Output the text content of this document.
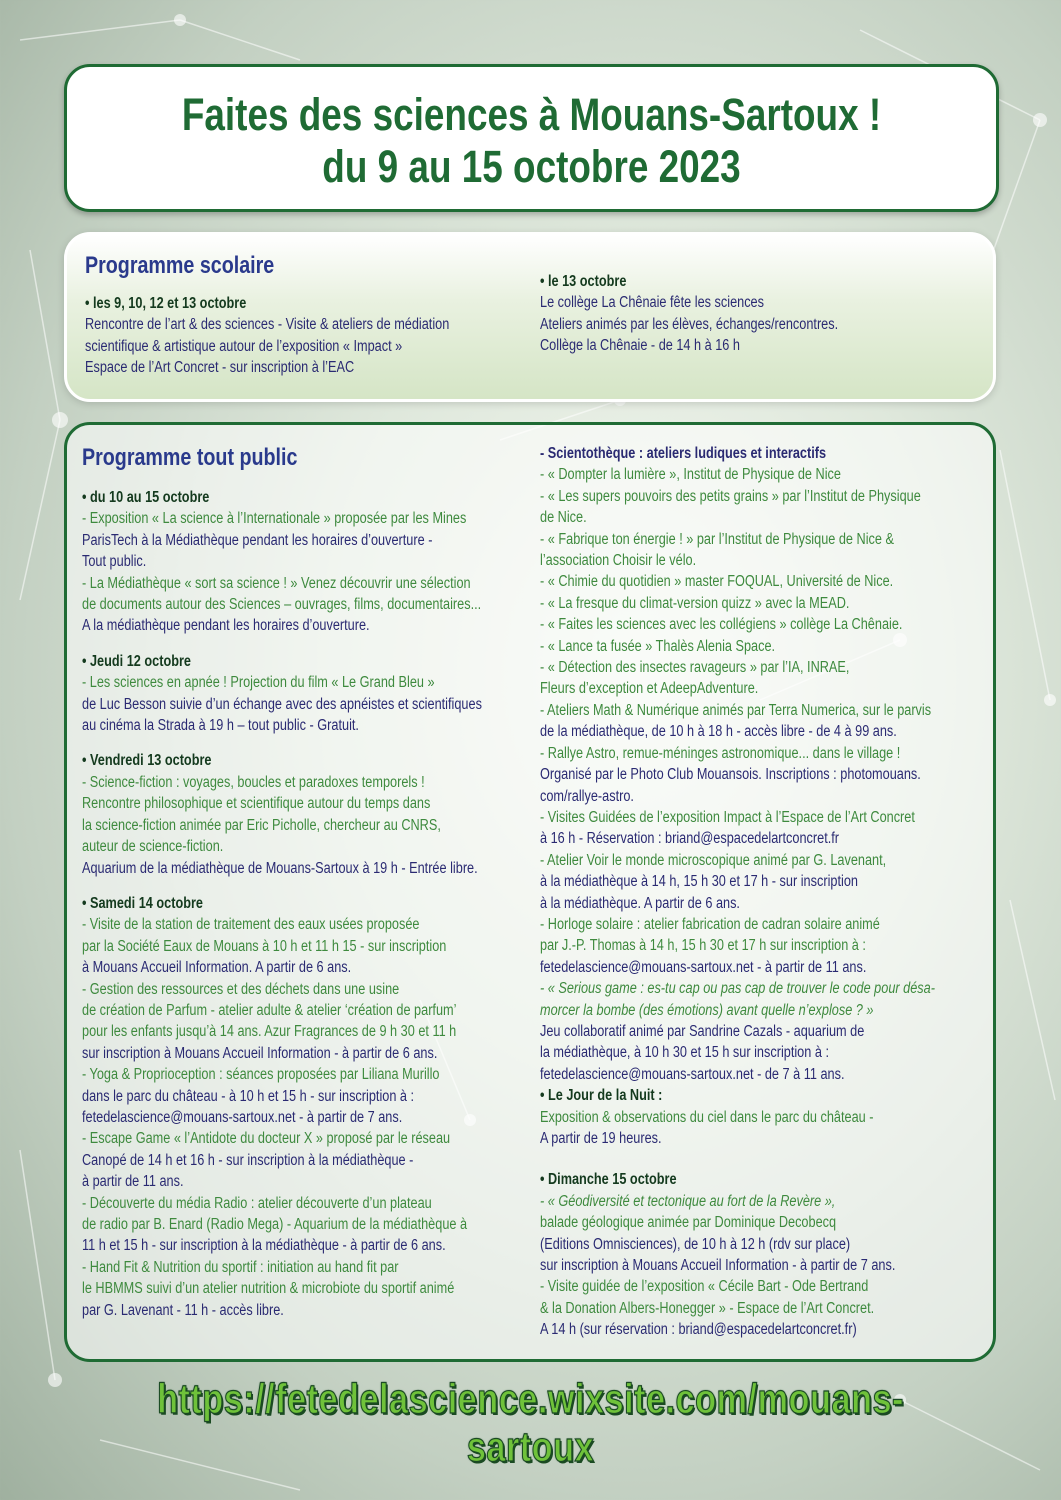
Faites des sciences à Mouans-Sartoux !
du 9 au 15 octobre 2023
Programme scolaire
• les 9, 10, 12 et 13 octobre
Rencontre de l’art & des sciences - Visite & ateliers de médiation
scientifique & artistique autour de l’exposition « Impact »
Espace de l’Art Concret - sur inscription à l’EAC
• le 13 octobre
Le collège La Chênaie fête les sciences
Ateliers animés par les élèves, échanges/rencontres.
Collège la Chênaie - de 14 h à 16 h
Programme tout public
• du 10 au 15 octobre
- Exposition « La science à l’Internationale » proposée par les Mines
ParisTech à la Médiathèque pendant les horaires d’ouverture -
Tout public.
- La Médiathèque « sort sa science ! » Venez découvrir une sélection
de documents autour des Sciences – ouvrages, films, documentaires...
A la médiathèque pendant les horaires d’ouverture.
• Jeudi 12 octobre
- Les sciences en apnée ! Projection du film « Le Grand Bleu »
de Luc Besson suivie d’un échange avec des apnéistes et scientifiques
au cinéma la Strada à 19 h – tout public - Gratuit.
• Vendredi 13 octobre
- Science-fiction : voyages, boucles et paradoxes temporels !
Rencontre philosophique et scientifique autour du temps dans
la science-fiction animée par Eric Picholle, chercheur au CNRS,
auteur de science-fiction.
Aquarium de la médiathèque de Mouans-Sartoux à 19 h - Entrée libre.
• Samedi 14 octobre
- Visite de la station de traitement des eaux usées proposée
par la Société Eaux de Mouans à 10 h et 11 h 15 - sur inscription
à Mouans Accueil Information. A partir de 6 ans.
- Gestion des ressources et des déchets dans une usine
de création de Parfum - atelier adulte & atelier ‘création de parfum’
pour les enfants jusqu’à 14 ans. Azur Fragrances de 9 h 30 et 11 h
sur inscription à Mouans Accueil Information - à partir de 6 ans.
- Yoga & Proprioception : séances proposées par Liliana Murillo
dans le parc du château - à 10 h et 15 h - sur inscription à :
fetedelascience@mouans-sartoux.net - à partir de 7 ans.
- Escape Game « l’Antidote du docteur X » proposé par le réseau
Canopé de 14 h et 16 h - sur inscription à la médiathèque -
à partir de 11 ans.
- Découverte du média Radio : atelier découverte d’un plateau
de radio par B. Enard (Radio Mega) - Aquarium de la médiathèque à
11 h et 15 h - sur inscription à la médiathèque - à partir de 6 ans.
- Hand Fit & Nutrition du sportif : initiation au hand fit par
le HBMMS suivi d’un atelier nutrition & microbiote du sportif animé
par G. Lavenant - 11 h - accès libre.
- Scientothèque : ateliers ludiques et interactifs
- « Dompter la lumière », Institut de Physique de Nice
- « Les supers pouvoirs des petits grains » par l’Institut de Physique
de Nice.
- « Fabrique ton énergie ! » par l’Institut de Physique de Nice &
l’association Choisir le vélo.
- « Chimie du quotidien » master FOQUAL, Université de Nice.
- « La fresque du climat-version quizz » avec la MEAD.
- « Faites les sciences avec les collégiens » collège La Chênaie.
- « Lance ta fusée » Thalès Alenia Space.
- « Détection des insectes ravageurs » par l’IA, INRAE,
Fleurs d’exception et AdeepAdventure.
- Ateliers Math & Numérique animés par Terra Numerica, sur le parvis
de la médiathèque, de 10 h à 18 h - accès libre - de 4 à 99 ans.
- Rallye Astro, remue-méninges astronomique... dans le village !
Organisé par le Photo Club Mouansois. Inscriptions : photomouans.
com/rallye-astro.
- Visites Guidées de l’exposition Impact à l’Espace de l’Art Concret
à 16 h - Réservation : briand@espacedelartconcret.fr
- Atelier Voir le monde microscopique animé par G. Lavenant,
à la médiathèque à 14 h, 15 h 30 et 17 h - sur inscription
à la médiathèque. A partir de 6 ans.
- Horloge solaire : atelier fabrication de cadran solaire animé
par J.-P. Thomas à 14 h, 15 h 30 et 17 h sur inscription à :
fetedelascience@mouans-sartoux.net - à partir de 11 ans.
- « Serious game : es-tu cap ou pas cap de trouver le code pour désa-
morcer la bombe (des émotions) avant quelle n’explose ? »
Jeu collaboratif animé par Sandrine Cazals - aquarium de
la médiathèque, à 10 h 30 et 15 h sur inscription à :
fetedelascience@mouans-sartoux.net - de 7 à 11 ans.
• Le Jour de la Nuit :
Exposition & observations du ciel dans le parc du château -
A partir de 19 heures.
• Dimanche 15 octobre
- « Géodiversité et tectonique au fort de la Revère »,
balade géologique animée par Dominique Decobecq
(Editions Omnisciences), de 10 h à 12 h (rdv sur place)
sur inscription à Mouans Accueil Information - à partir de 7 ans.
- Visite guidée de l’exposition « Cécile Bart - Ode Bertrand
& la Donation Albers-Honegger » - Espace de l’Art Concret.
A 14 h (sur réservation : briand@espacedelartconcret.fr)
https://fetedelascience.wixsite.com/mouans-sartoux
